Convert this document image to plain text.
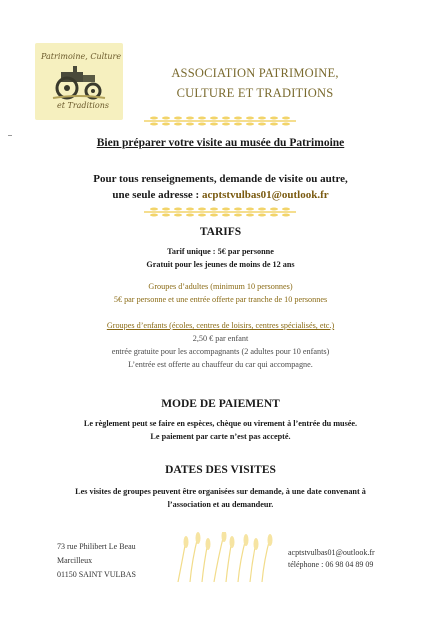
Patrimoine, Culture
et Traditions
ASSOCIATION PATRIMOINE,
CULTURE ET TRADITIONS
Bien préparer votre visite au musée du Patrimoine
Pour tous renseignements, demande de visite ou autre,
une seule adresse : acptstvulbas01@outlook.fr
TARIFS
Tarif unique : 5€ par personne
Gratuit pour les jeunes de moins de 12 ans
Groupes d’adultes (minimum 10 personnes)
5€ par personne et une entrée offerte par tranche de 10 personnes
Groupes d’enfants (écoles, centres de loisirs, centres spécialisés, etc.)
2,50 € par enfant
entrée gratuite pour les accompagnants (2 adultes pour 10 enfants)
L’entrée est offerte au chauffeur du car qui accompagne.
MODE DE PAIEMENT
Le règlement peut se faire en espèces, chèque ou virement à l’entrée du musée.
Le paiement par carte n’est pas accepté.
DATES DES VISITES
Les visites de groupes peuvent être organisées sur demande, à une date convenant à
l’association et au demandeur.
73 rue Philibert Le Beau
Marcilleux
01150 SAINT VULBAS
acptstvulbas01@outlook.fr
téléphone : 06 98 04 89 09
